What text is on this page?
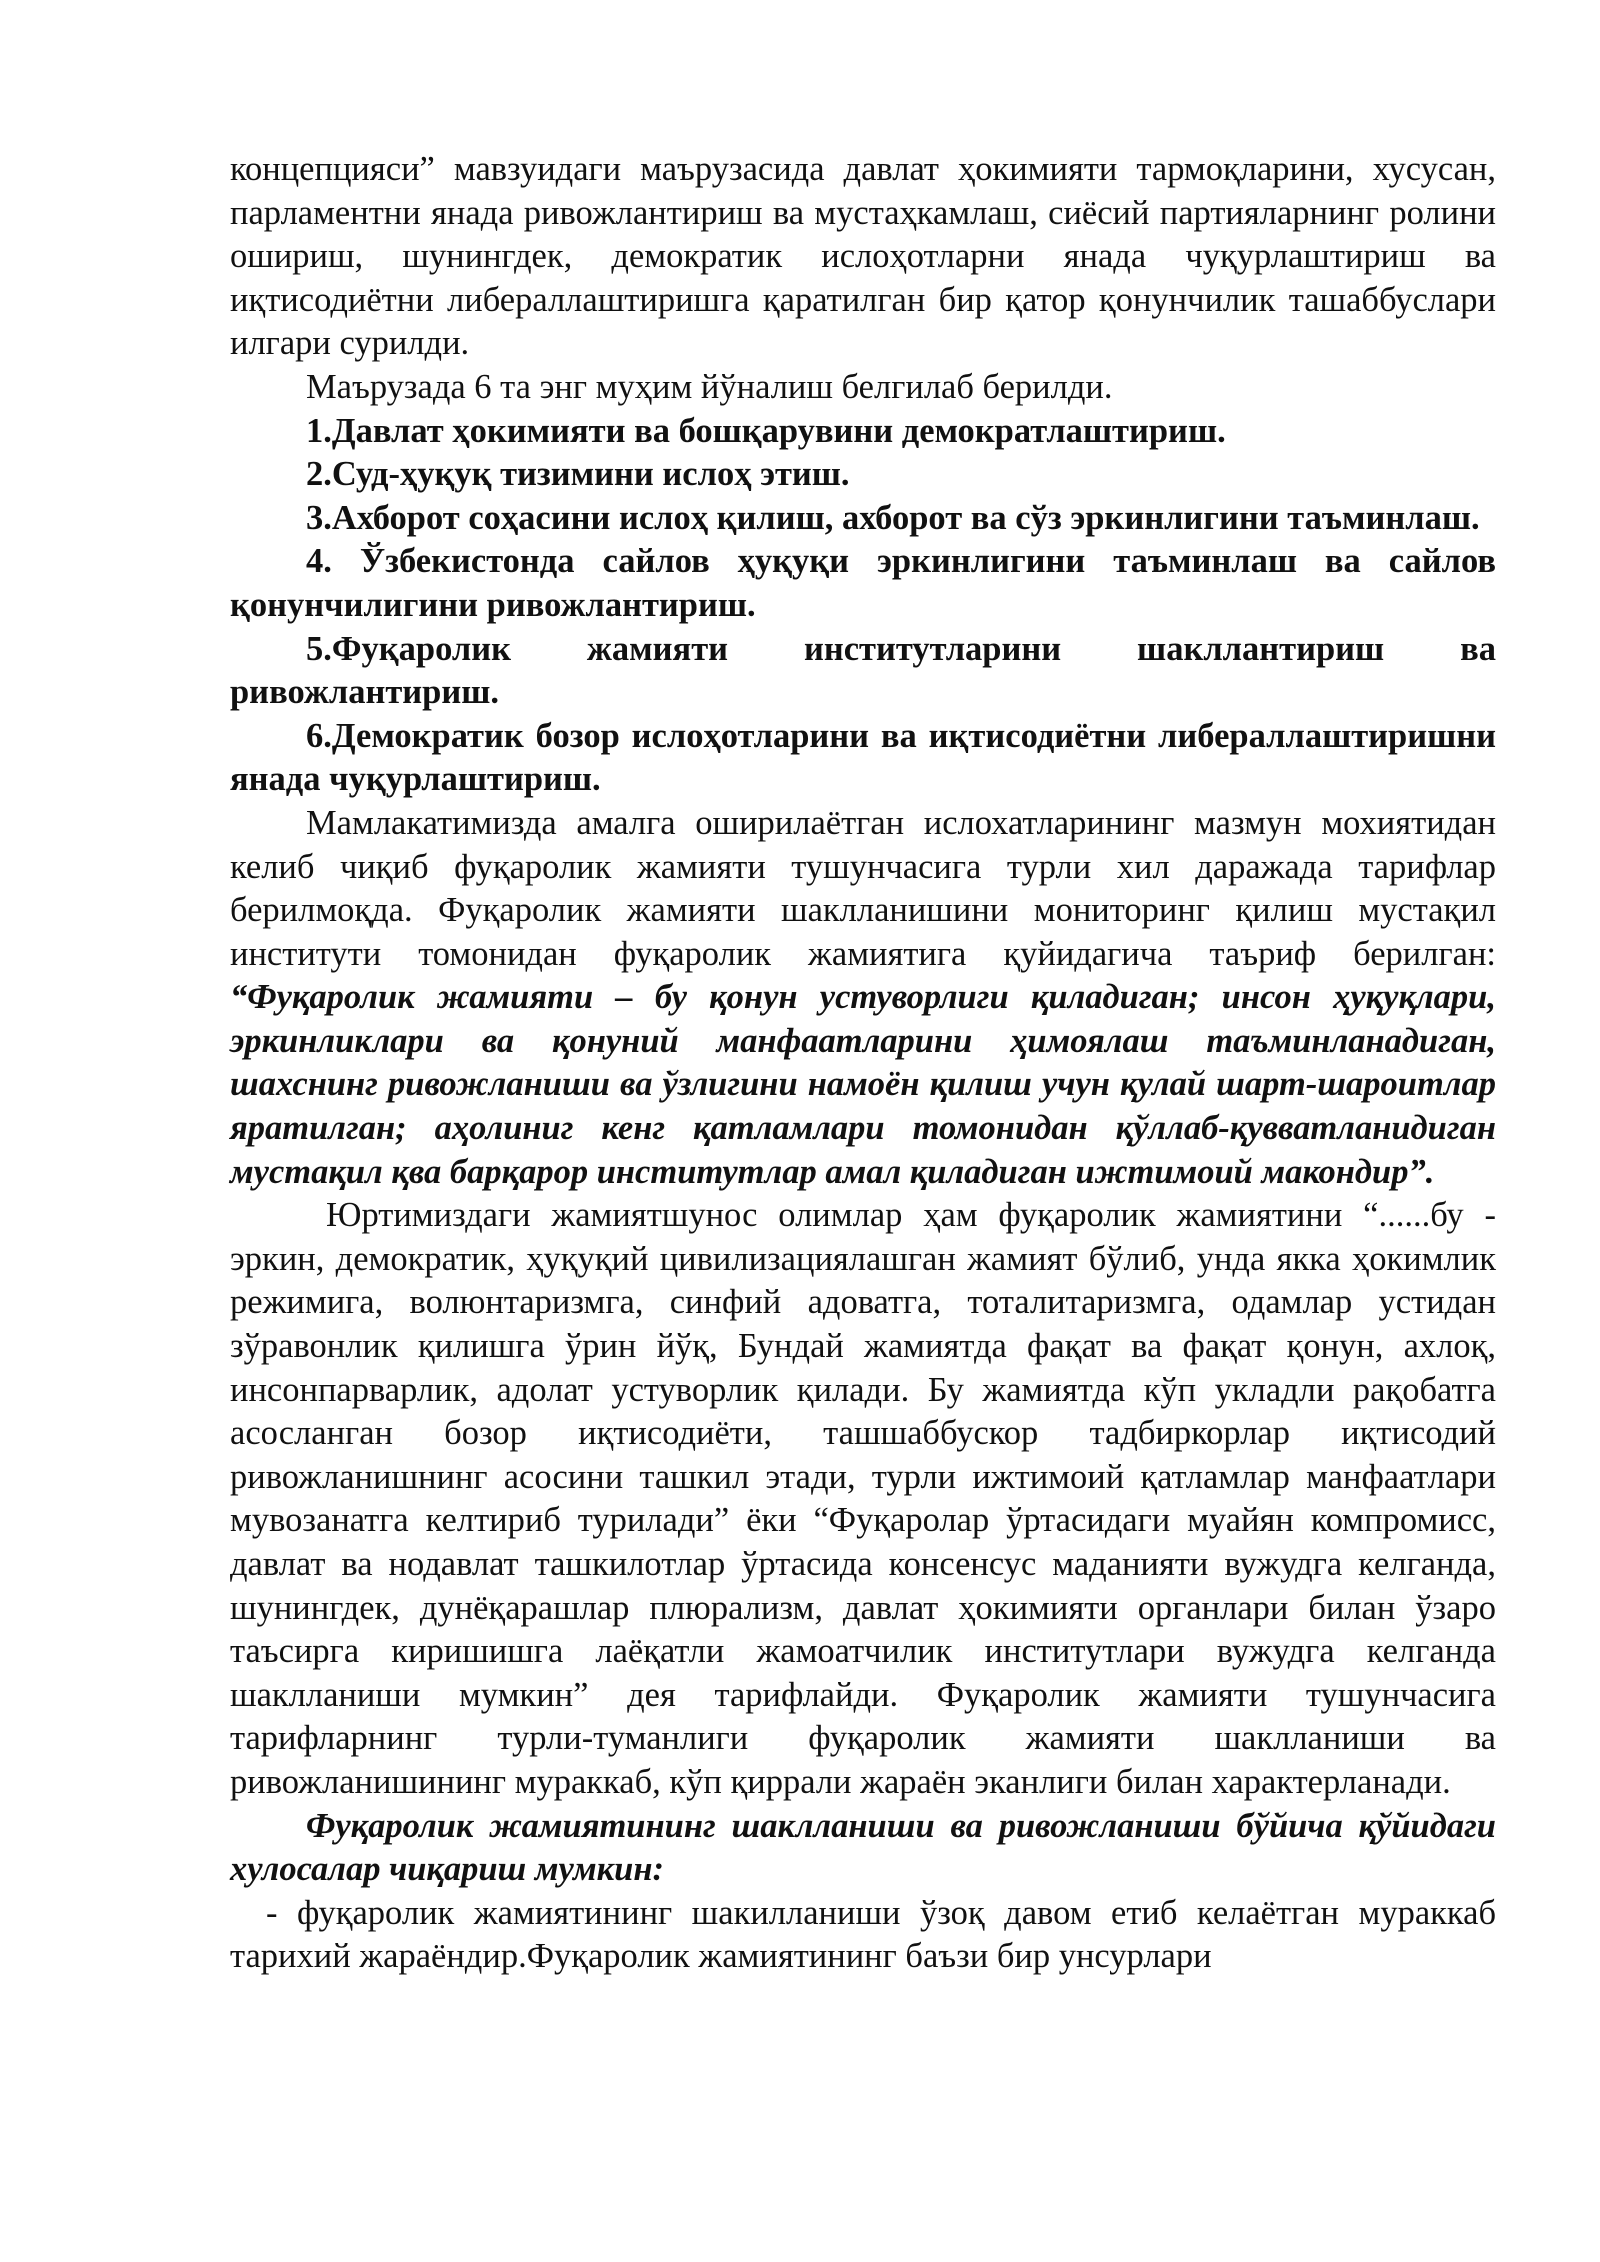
концепцияси” мавзуидаги маърузасида давлат ҳокимияти тармоқларини, хусусан, парламентни янада ривожлантириш ва мустаҳкамлаш, сиёсий партияларнинг ролини ошириш, шунингдек, демократик ислоҳотларни янада чуқурлаштириш ва иқтисодиётни либераллаштиришга қаратилган бир қатор қонунчилик ташаббуслари илгари сурилди.

Маърузада 6 та энг муҳим йўналиш белгилаб берилди.

1.Давлат ҳокимияти ва бошқарувини демократлаштириш.

2.Суд-ҳуқуқ тизимини ислоҳ этиш.

3.Ахборот соҳасини ислоҳ қилиш, ахборот ва сўз эркинлигини таъминлаш.

4. Ўзбекистонда сайлов ҳуқуқи эркинлигини таъминлаш ва сайлов қонунчилигини ривожлантириш.

5.Фуқаролик жамияти институтларини шакллантириш ва ривожлантириш.

6.Демократик бозор ислоҳотларини ва иқтисодиётни либераллаштиришни янада чуқурлаштириш.

Мамлакатимизда амалга оширилаётган ислохатларининг мазмун мохиятидан келиб чиқиб фуқаролик жамияти тушунчасига турли хил даражада тарифлар берилмоқда. Фуқаролик жамияти шаклланишини мониторинг қилиш мустақил институти томонидан фуқаролик жамиятига қуйидагича таъриф берилган: “Фуқаролик жамияти – бу қонун устуворлиги қиладиган; инсон ҳуқуқлари, эркинликлари ва қонуний манфаатларини ҳимоялаш таъминланадиган, шахснинг ривожланиши ва ўзлигини намоён қилиш учун қулай шарт-шароитлар яратилган; аҳолиниг кенг қатламлари томонидан қўллаб-қувватланидиган мустақил қва барқарор институтлар амал қиладиган ижтимоий макондир”.

Юртимиздаги жамиятшунос олимлар ҳам фуқаролик жамиятини “......бу - эркин, демократик, ҳуқуқий цивилизациялашган жамият бўлиб, унда якка ҳокимлик режимига, волюнтаризмга, синфий адоватга, тоталитаризмга, одамлар устидан зўравонлик қилишга ўрин йўқ, Бундай жамиятда фақат ва фақат қонун, ахлоқ, инсонпарварлик, адолат устуворлик қилади. Бу жамиятда кўп укладли рақобатга асосланган бозор иқтисодиёти, ташшаббускор тадбиркорлар иқтисодий ривожланишнинг асосини ташкил этади, турли ижтимоий қатламлар манфаатлари мувозанатга келтириб турилади” ёки “Фуқаролар ўртасидаги муайян компромисс, давлат ва нодавлат ташкилотлар ўртасида консенсус маданияти вужудга келганда, шунингдек, дунёқарашлар плюрализм, давлат ҳокимияти органлари билан ўзаро таъсирга киришишга лаёқатли жамоатчилик институтлари вужудга келганда шаклланиши мумкин” дея тарифлайди. Фуқаролик жамияти тушунчасига тарифларнинг турли-туманлиги фуқаролик жамияти шаклланиши ва ривожланишининг мураккаб, кўп қиррали жараён эканлиги билан характерланади.

Фуқаролик жамиятининг шаклланиши ва ривожланиши бўйича қўйидаги хулосалар чиқариш мумкин:

- фуқаролик жамиятининг шакилланиши ўзоқ давом етиб келаётган мураккаб тарихий жараёндир.Фуқаролик жамиятининг баъзи бир унсурлари
